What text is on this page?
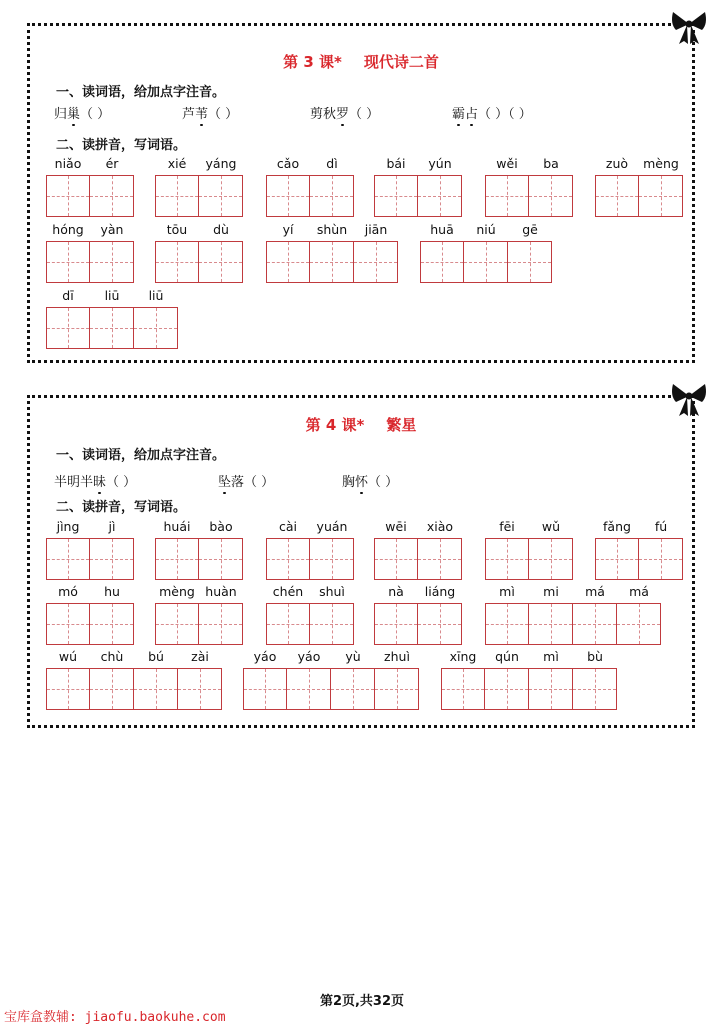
第 3 课* 现代诗二首
一、读词语，给加点字注音。
归巢（ ）	芦苇（ ）	剪秋罗（ ）	霸占（ ）（ ）
二、读拼音，写词语。
niǎo	ér	xié	yáng	cǎo	dì	bái	yún	wěi	ba	zuò	mèng
hóng	yàn	tōu	dù	yí	shùn	jiān	huā	niú	gē
dī	liū	liū
第 4 课* 繁星
一、读词语，给加点字注音。
半明半昧（ ）	坠落（ ）	胸怀（ ）
二、读拼音，写词语。
jìng	jì	huái	bào	cài	yuán	wēi	xiào	fēi	wǔ	fǎng	fú
mó	hu	mèng huàn	chén	shuì	nà	liáng	mì	mi	má	má
wú	chù	bú	zài	yáo	yáo	yù	zhuì	xīng	qún	mì	bù
第2页,共32页
宝库盒教辅: jiaofu.baokuhe.com
